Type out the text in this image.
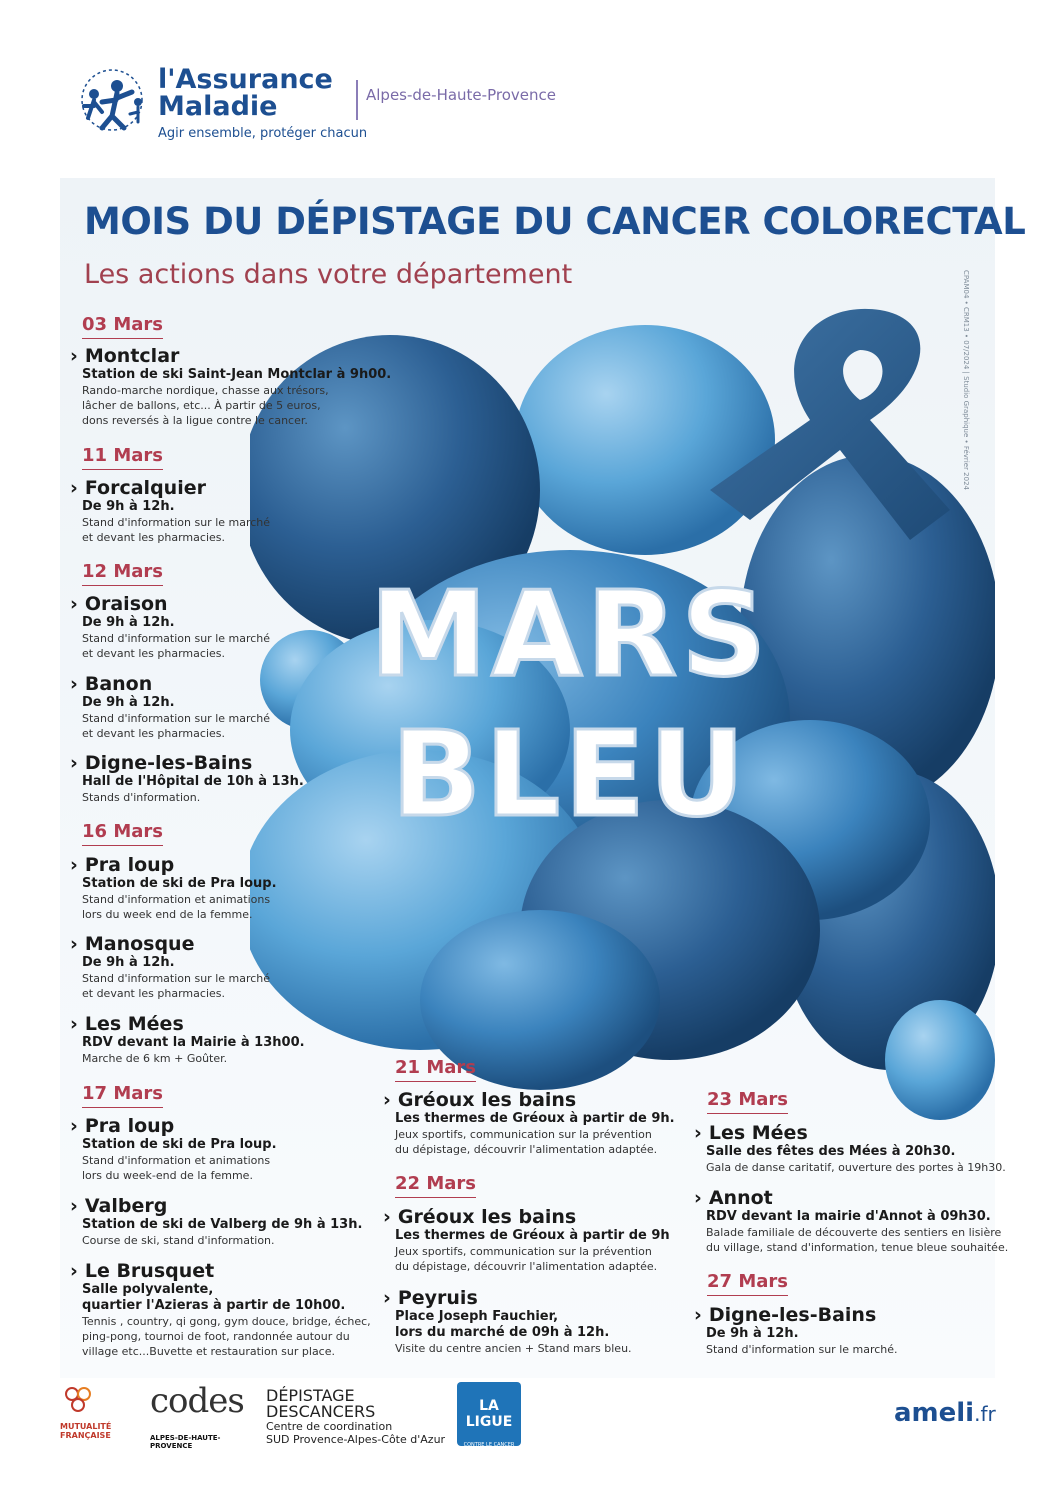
l'Assurance
Maladie
Agir ensemble, protéger chacun
Alpes-de-Haute-Provence
MARS
BLEU
CPAM04 • CRM13 • 07/2024 | Studio Graphique • Février 2024
MOIS DU DÉPISTAGE DU CANCER COLORECTAL
Les actions dans votre département
03 Mars
› Montclar
Station de ski Saint-Jean Montclar à 9h00.
Rando-marche nordique, chasse aux trésors,
lâcher de ballons, etc... À partir de 5 euros,
dons reversés à la ligue contre le cancer.
11 Mars
› Forcalquier
De 9h à 12h.
Stand d'information sur le marché
et devant les pharmacies.
12 Mars
› Oraison
De 9h à 12h.
Stand d'information sur le marché
et devant les pharmacies.
› Banon
De 9h à 12h.
Stand d'information sur le marché
et devant les pharmacies.
› Digne-les-Bains
Hall de l'Hôpital de 10h à 13h.
Stands d'information.
16 Mars
› Pra loup
Station de ski de Pra loup.
Stand d'information et animations
lors du week end de la femme.
› Manosque
De 9h à 12h.
Stand d'information sur le marché
et devant les pharmacies.
› Les Mées
RDV devant la Mairie à 13h00.
Marche de 6 km + Goûter.
17 Mars
› Pra loup
Station de ski de Pra loup.
Stand d'information et animations
lors du week-end de la femme.
› Valberg
Station de ski de Valberg de 9h à 13h.
Course de ski, stand d'information.
› Le Brusquet
Salle polyvalente,
quartier l'Azieras à partir de 10h00.
Tennis , country, qi gong, gym douce, bridge, échec,
ping-pong, tournoi de foot, randonnée autour du
village etc...Buvette et restauration sur place.
21 Mars
› Gréoux les bains
Les thermes de Gréoux à partir de 9h.
Jeux sportifs, communication sur la prévention
du dépistage, découvrir l'alimentation adaptée.
22 Mars
› Gréoux les bains
Les thermes de Gréoux à partir de 9h
Jeux sportifs, communication sur la prévention
du dépistage, découvrir l'alimentation adaptée.
› Peyruis
Place Joseph Fauchier,
lors du marché de 09h à 12h.
Visite du centre ancien + Stand mars bleu.
23 Mars
› Les Mées
Salle des fêtes des Mées à 20h30.
Gala de danse caritatif, ouverture des portes à 19h30.
› Annot
RDV devant la mairie d'Annot à 09h30.
Balade familiale de découverte des sentiers en lisière
du village, stand d'information, tenue bleue souhaitée.
27 Mars
› Digne-les-Bains
De 9h à 12h.
Stand d'information sur le marché.
MUTUALITÉ
FRANÇAISE
codes
ALPES-DE-HAUTE-PROVENCE
DÉPISTAGE
DESCANCERS
Centre de coordination
SUD Provence-Alpes-Côte d'Azur
LA LIGUE
CONTRE LE CANCER
ameli.fr
